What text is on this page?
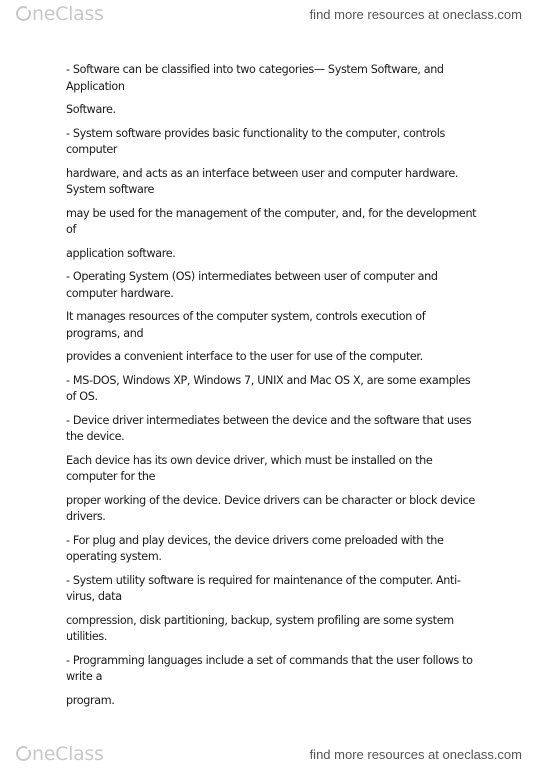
neClass	find more resources at oneclass.com

- Software can be classified into two categories— System Software, and
Application

Software.

- System software provides basic functionality to the computer, controls
computer

hardware, and acts as an interface between user and computer hardware.
System software

may be used for the management of the computer, and, for the development
of

application software.

- Operating System (OS) intermediates between user of computer and
computer hardware.

It manages resources of the computer system, controls execution of
programs, and

provides a convenient interface to the user for use of the computer.

- MS-DOS, Windows XP, Windows 7, UNIX and Mac OS X, are some examples
of OS.

- Device driver intermediates between the device and the software that uses
the device.

Each device has its own device driver, which must be installed on the
computer for the

proper working of the device. Device drivers can be character or block device
drivers.

- For plug and play devices, the device drivers come preloaded with the
operating system.

- System utility software is required for maintenance of the computer. Anti-
virus, data

compression, disk partitioning, backup, system profiling are some system
utilities.

- Programming languages include a set of commands that the user follows to
write a

program.

neClass	find more resources at oneclass.com
